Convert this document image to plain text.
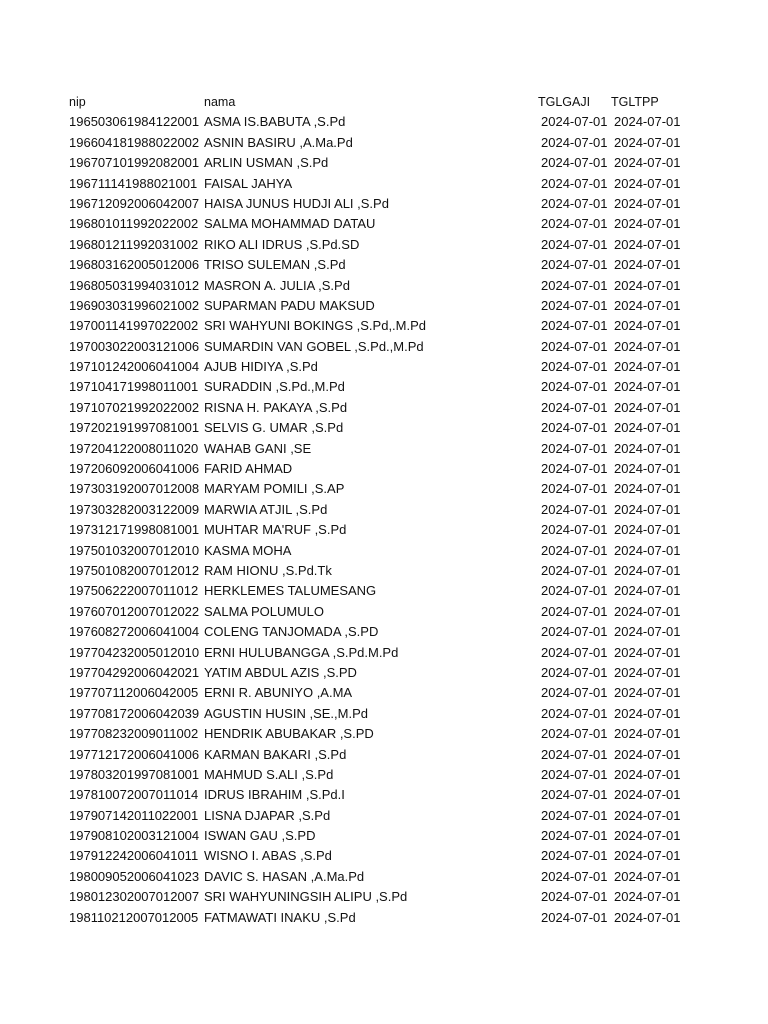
nip	nama	TGLGAJI TGLTPP
196503061984122001 ASMA IS.BABUTA ,S.Pd	2024-07-01 2024-07-01
196604181988022002 ASNIN BASIRU ,A.Ma.Pd	2024-07-01 2024-07-01
196707101992082001 ARLIN USMAN ,S.Pd	2024-07-01 2024-07-01
196711141988021001 FAISAL JAHYA	2024-07-01 2024-07-01
196712092006042007 HAISA JUNUS HUDJI ALI ,S.Pd	2024-07-01 2024-07-01
196801011992022002 SALMA MOHAMMAD DATAU	2024-07-01 2024-07-01
196801211992031002 RIKO ALI IDRUS ,S.Pd.SD	2024-07-01 2024-07-01
196803162005012006 TRISO SULEMAN ,S.Pd	2024-07-01 2024-07-01
196805031994031012 MASRON A. JULIA ,S.Pd	2024-07-01 2024-07-01
196903031996021002 SUPARMAN PADU MAKSUD	2024-07-01 2024-07-01
197001141997022002 SRI WAHYUNI BOKINGS ,S.Pd,.M.Pd	2024-07-01 2024-07-01
197003022003121006 SUMARDIN VAN GOBEL ,S.Pd.,M.Pd	2024-07-01 2024-07-01
197101242006041004 AJUB HIDIYA ,S.Pd	2024-07-01 2024-07-01
197104171998011001 SURADDIN ,S.Pd.,M.Pd	2024-07-01 2024-07-01
197107021992022002 RISNA H. PAKAYA ,S.Pd	2024-07-01 2024-07-01
197202191997081001 SELVIS G. UMAR ,S.Pd	2024-07-01 2024-07-01
197204122008011020 WAHAB GANI ,SE	2024-07-01 2024-07-01
197206092006041006 FARID AHMAD	2024-07-01 2024-07-01
197303192007012008 MARYAM POMILI ,S.AP	2024-07-01 2024-07-01
197303282003122009 MARWIA ATJIL ,S.Pd	2024-07-01 2024-07-01
197312171998081001 MUHTAR MA'RUF ,S.Pd	2024-07-01 2024-07-01
197501032007012010 KASMA MOHA	2024-07-01 2024-07-01
197501082007012012 RAM HIONU ,S.Pd.Tk	2024-07-01 2024-07-01
197506222007011012 HERKLEMES TALUMESANG	2024-07-01 2024-07-01
197607012007012022 SALMA POLUMULO	2024-07-01 2024-07-01
197608272006041004 COLENG TANJOMADA ,S.PD	2024-07-01 2024-07-01
197704232005012010 ERNI HULUBANGGA ,S.Pd.M.Pd	2024-07-01 2024-07-01
197704292006042021 YATIM ABDUL AZIS ,S.PD	2024-07-01 2024-07-01
197707112006042005 ERNI R. ABUNIYO ,A.MA	2024-07-01 2024-07-01
197708172006042039 AGUSTIN HUSIN ,SE.,M.Pd	2024-07-01 2024-07-01
197708232009011002 HENDRIK ABUBAKAR ,S.PD	2024-07-01 2024-07-01
197712172006041006 KARMAN BAKARI ,S.Pd	2024-07-01 2024-07-01
197803201997081001 MAHMUD S.ALI ,S.Pd	2024-07-01 2024-07-01
197810072007011014 IDRUS IBRAHIM ,S.Pd.I	2024-07-01 2024-07-01
197907142011022001 LISNA DJAPAR ,S.Pd	2024-07-01 2024-07-01
197908102003121004 ISWAN GAU ,S.PD	2024-07-01 2024-07-01
197912242006041011 WISNO I. ABAS ,S.Pd	2024-07-01 2024-07-01
198009052006041023 DAVIC S. HASAN ,A.Ma.Pd	2024-07-01 2024-07-01
198012302007012007 SRI WAHYUNINGSIH ALIPU ,S.Pd	2024-07-01 2024-07-01
198110212007012005 FATMAWATI INAKU ,S.Pd	2024-07-01 2024-07-01
